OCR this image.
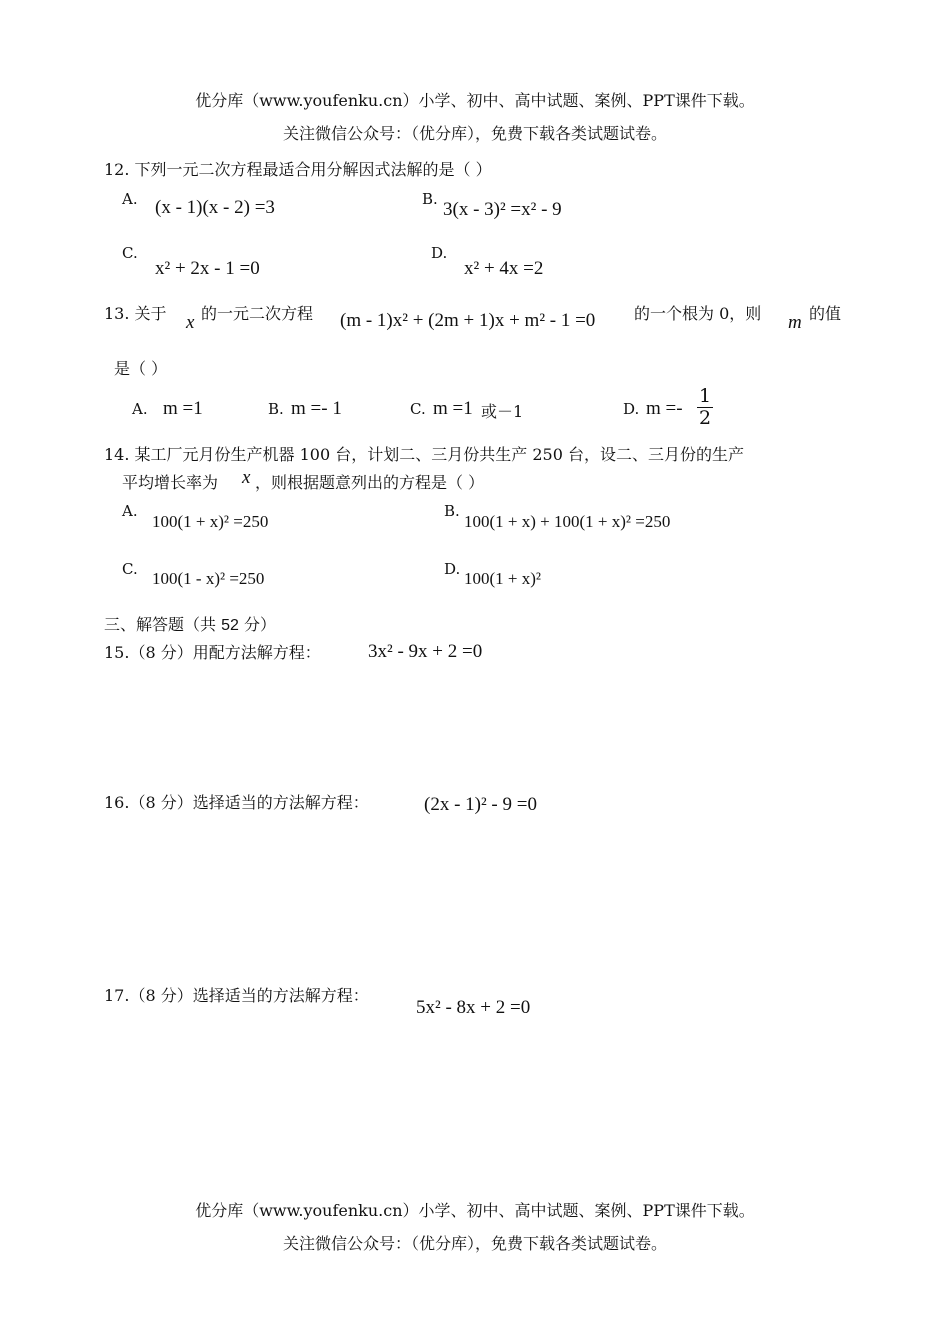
优分库（www.youfenku.cn）小学、初中、高中试题、案例、PPT课件下载。
关注微信公众号：（优分库），免费下载各类试题试卷。
12. 下列一元二次方程最适合用分解因式法解的是（ ）
A. (x - 1)(x - 2) =3	B. 3(x - 3)² =x² - 9
C.
x² + 2x - 1 =0
D.
x² + 4x =2
13. 关于 x 的一元二次方程 (m - 1)x² + (2m + 1)x + m² - 1 =0 的一个根为 0，则 m 的值
是（ ）
A. m =1	B. m =- 1	C. m =1 或－1	D. $m =- \frac{1}{2}$
14. 某工厂元月份生产机器 100 台，计划二、三月份共生产 250 台，设二、三月份的生产
平均增长率为 x ，则根据题意列出的方程是（ ）
A.
100(1 + x)² =250
B.
100(1 + x) + 100(1 + x)² =250
C. 100(1 - x)² =250	D. 100(1 + x)²
三、解答题（共 52 分）
15.（8 分）用配方法解方程： 3x² - 9x + 2 =0
16.（8 分）选择适当的方法解方程：	(2x - 1)² - 9 =0
17.（8 分）选择适当的方法解方程：
5x² - 8x + 2 =0
优分库（www.youfenku.cn）小学、初中、高中试题、案例、PPT课件下载。
关注微信公众号：（优分库），免费下载各类试题试卷。
